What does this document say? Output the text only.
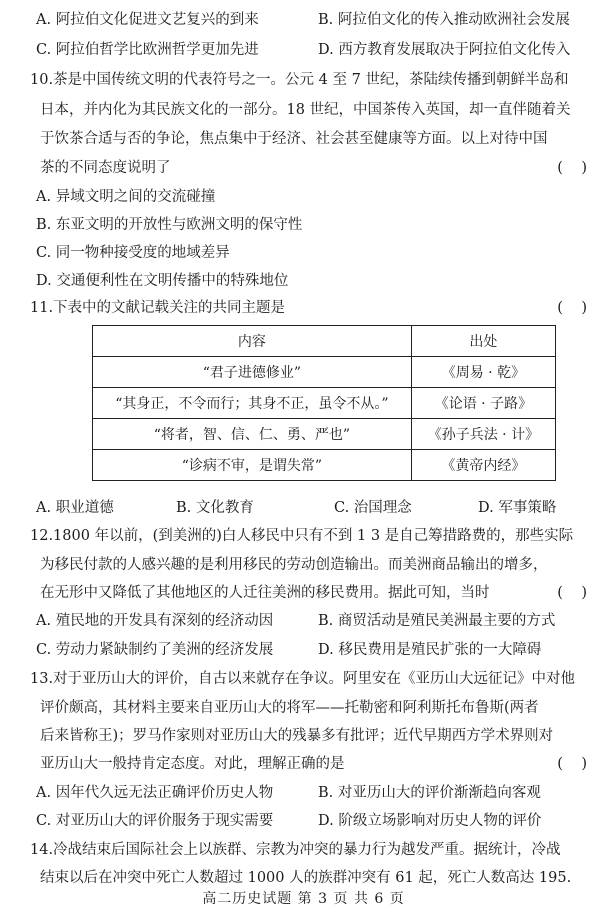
A. 阿拉伯文化促进文艺复兴的到来	B. 阿拉伯文化的传入推动欧洲社会发展
C. 阿拉伯哲学比欧洲哲学更加先进	D. 西方教育发展取决于阿拉伯文化传入
10.茶是中国传统文明的代表符号之一。公元 4 至 7 世纪，茶陆续传播到朝鲜半岛和
日本，并内化为其民族文化的一部分。18 世纪，中国茶传入英国，却一直伴随着关
于饮茶合适与否的争论，焦点集中于经济、社会甚至健康等方面。以上对待中国
茶的不同态度说明了	(    )
A. 异域文明之间的交流碰撞
B. 东亚文明的开放性与欧洲文明的保守性
C. 同一物种接受度的地域差异
D. 交通便利性在文明传播中的特殊地位
11.下表中的文献记载关注的共同主题是	(    )
内容	出处
“君子进德修业”	《周易 · 乾》
“其身正，不令而行；其身不正，虽令不从。”	《论语 · 子路》
“将者，智、信、仁、勇、严也”	《孙子兵法 · 计》
“诊病不审，是谓失常”	《黄帝内经》
A. 职业道德	B. 文化教育	C. 治国理念	D. 军事策略
12.1800 年以前，(到美洲的)白人移民中只有不到 1 3 是自己筹措路费的，那些实际
为移民付款的人感兴趣的是利用移民的劳动创造输出。而美洲商品输出的增多，
在无形中又降低了其他地区的人迁往美洲的移民费用。据此可知，当时	(    )
A. 殖民地的开发具有深刻的经济动因	B. 商贸活动是殖民美洲最主要的方式
C. 劳动力紧缺制约了美洲的经济发展	D. 移民费用是殖民扩张的一大障碍
13.对于亚历山大的评价，自古以来就存在争议。阿里安在《亚历山大远征记》中对他
评价颇高，其材料主要来自亚历山大的将军——托勒密和阿利斯托布鲁斯(两者
后来皆称王)；罗马作家则对亚历山大的残暴多有批评；近代早期西方学术界则对
亚历山大一般持肯定态度。对此，理解正确的是	(    )
A. 因年代久远无法正确评价历史人物	B. 对亚历山大的评价渐渐趋向客观
C. 对亚历山大的评价服务于现实需要	D. 阶级立场影响对历史人物的评价
14.冷战结束后国际社会上以族群、宗教为冲突的暴力行为越发严重。据统计，冷战
结束以后在冲突中死亡人数超过 1000 人的族群冲突有 61 起，死亡人数高达 195.
高二历史试题 第 3 页 共 6 页
